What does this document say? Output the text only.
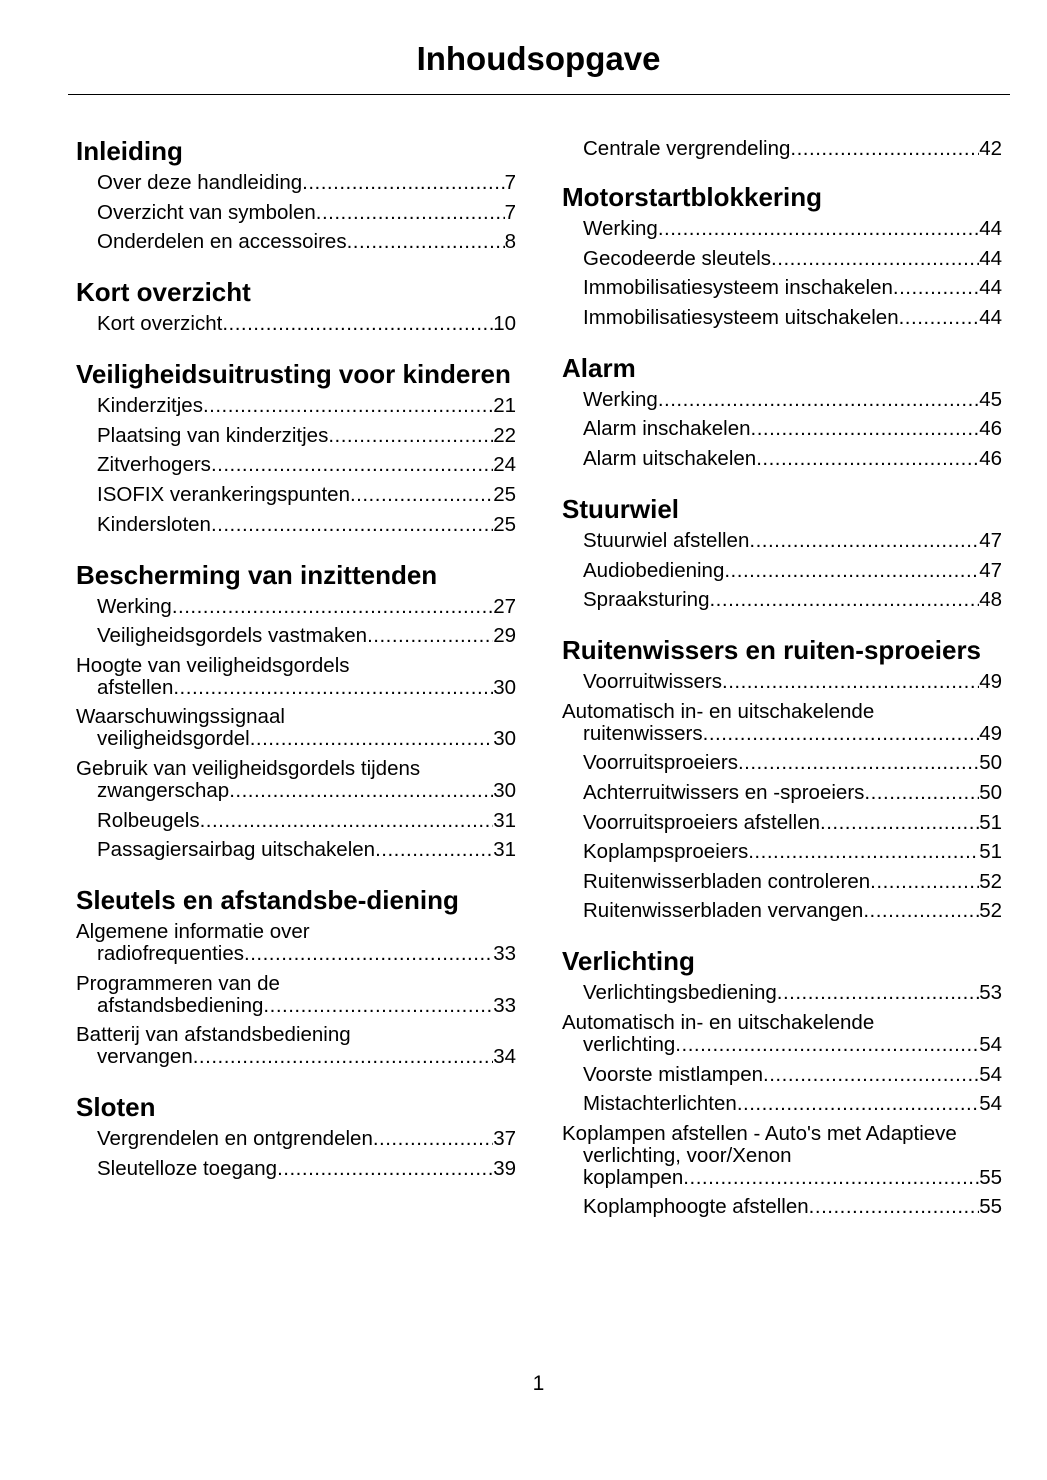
Inhoudsopgave
Inleiding
Over deze handleiding .....	7
Overzicht van symbolen .....	7
Onderdelen en accessoires .....	8
Kort overzicht
Kort overzicht .....	10
Veiligheidsuitrusting voor kinderen
Kinderzitjes .....	21
Plaatsing van kinderzitjes .....	22
Zitverhogers .....	24
ISOFIX verankeringspunten .....	25
Kindersloten .....	25
Bescherming van inzittenden
Werking .....	27
Veiligheidsgordels vastmaken .....	29
Hoogte van veiligheidsgordels
afstellen .....	30
Waarschuwingssignaal
veiligheidsgordel .....	30
Gebruik van veiligheidsgordels tijdens
zwangerschap .....	30
Rolbeugels .....	31
Passagiersairbag uitschakelen .....	31
Sleutels en afstandsbe-diening
Algemene informatie over
radiofrequenties .....	33
Programmeren van de
afstandsbediening .....	33
Batterij van afstandsbediening
vervangen .....	34
Sloten
Vergrendelen en ontgrendelen .....	37
Sleutelloze toegang .....	39
Centrale vergrendeling .....	42
Motorstartblokkering
Werking .....	44
Gecodeerde sleutels .....	44
Immobilisatiesysteem inschakelen .....	44
Immobilisatiesysteem uitschakelen .....	44
Alarm
Werking .....	45
Alarm inschakelen .....	46
Alarm uitschakelen .....	46
Stuurwiel
Stuurwiel afstellen .....	47
Audiobediening .....	47
Spraaksturing .....	48
Ruitenwissers en ruiten-sproeiers
Voorruitwissers .....	49
Automatisch in- en uitschakelende
ruitenwissers .....	49
Voorruitsproeiers .....	50
Achterruitwissers en -sproeiers .....	50
Voorruitsproeiers afstellen .....	51
Koplampsproeiers .....	51
Ruitenwisserbladen controleren .....	52
Ruitenwisserbladen vervangen .....	52
Verlichting
Verlichtingsbediening .....	53
Automatisch in- en uitschakelende
verlichting .....	54
Voorste mistlampen .....	54
Mistachterlichten .....	54
Koplampen afstellen - Auto's met Adaptieve verlichting, voor/Xenon
koplampen .....	55
Koplamphoogte afstellen .....	55
1
